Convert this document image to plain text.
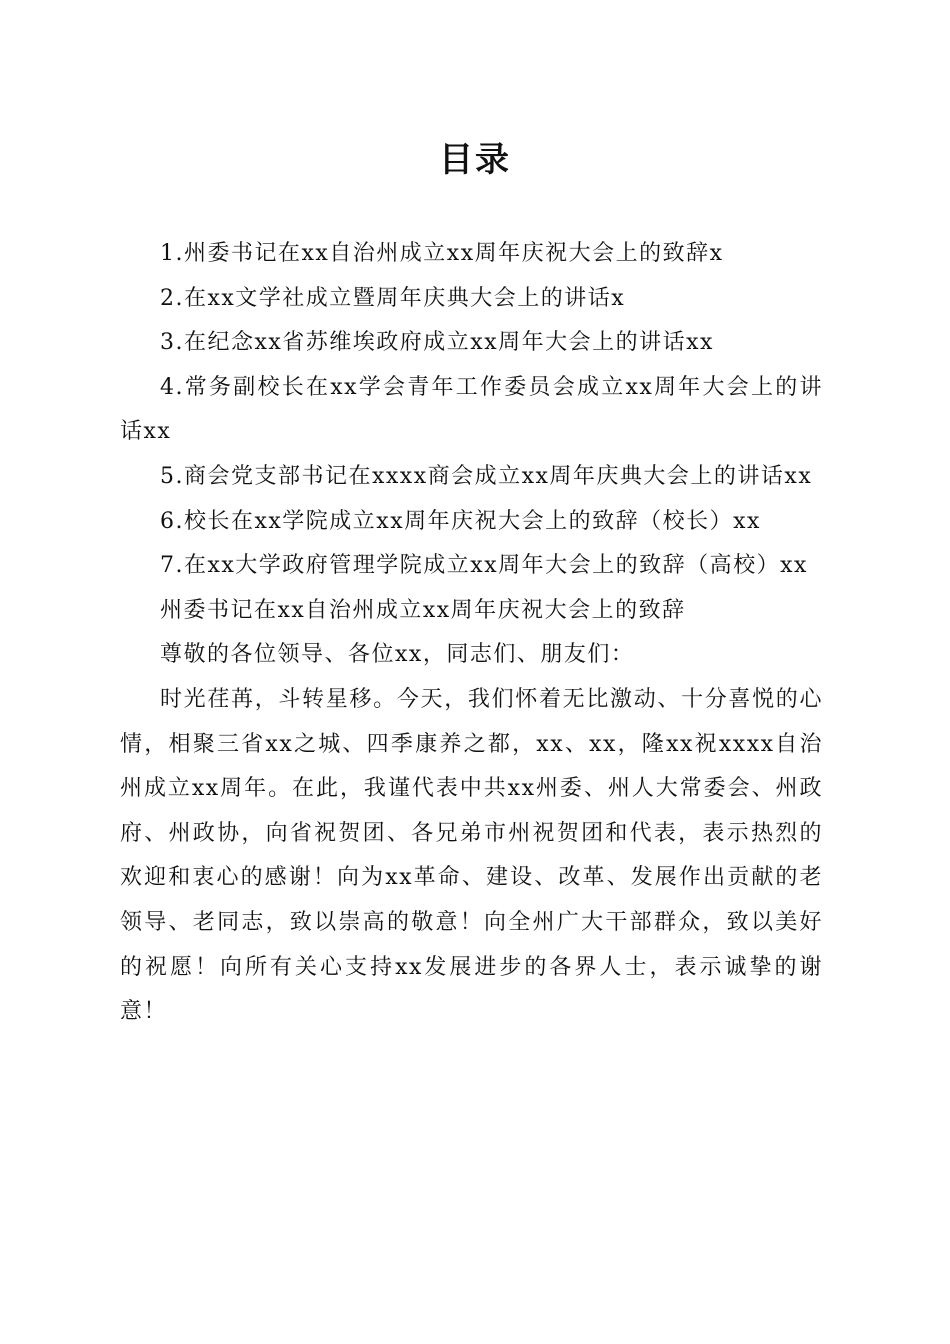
目录

1.州委书记在xx自治州成立xx周年庆祝大会上的致辞x

2.在xx文学社成立暨周年庆典大会上的讲话x

3.在纪念xx省苏维埃政府成立xx周年大会上的讲话xx

4.常务副校长在xx学会青年工作委员会成立xx周年大会上的讲话xx

5.商会党支部书记在xxxx商会成立xx周年庆典大会上的讲话xx

6.校长在xx学院成立xx周年庆祝大会上的致辞（校长）xx

7.在xx大学政府管理学院成立xx周年大会上的致辞（高校）xx

州委书记在xx自治州成立xx周年庆祝大会上的致辞

尊敬的各位领导、各位xx，同志们、朋友们：

时光荏苒，斗转星移。今天，我们怀着无比激动、十分喜悦的心情，相聚三省xx之城、四季康养之都，xx、xx，隆xx祝xxxx自治州成立xx周年。在此，我谨代表中共xx州委、州人大常委会、州政府、州政协，向省祝贺团、各兄弟市州祝贺团和代表，表示热烈的欢迎和衷心的感谢！向为xx革命、建设、改革、发展作出贡献的老领导、老同志，致以崇高的敬意！向全州广大干部群众，致以美好的祝愿！向所有关心支持xx发展进步的各界人士，表示诚挚的谢意！
